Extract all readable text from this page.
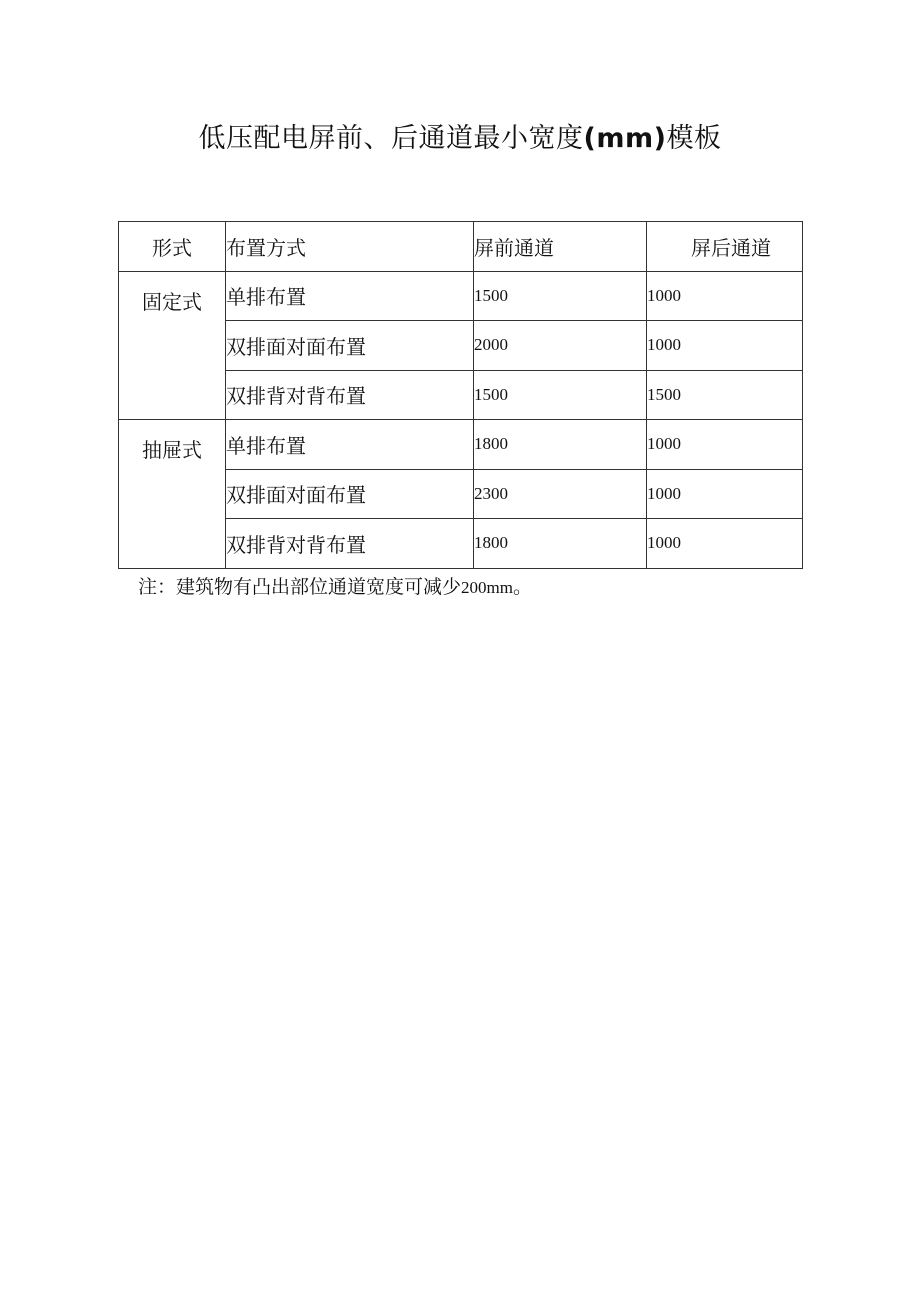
低压配电屏前、后通道最小宽度(mm)模板
形式	布置方式	屏前通道	屏后通道
固定式	单排布置	1500	1000
	双排面对面布置	2000	1000
	双排背对背布置	1500	1500
抽屉式	单排布置	1800	1000
	双排面对面布置	2300	1000
	双排背对背布置	1800	1000
注：建筑物有凸出部位通道宽度可减少200mm。
